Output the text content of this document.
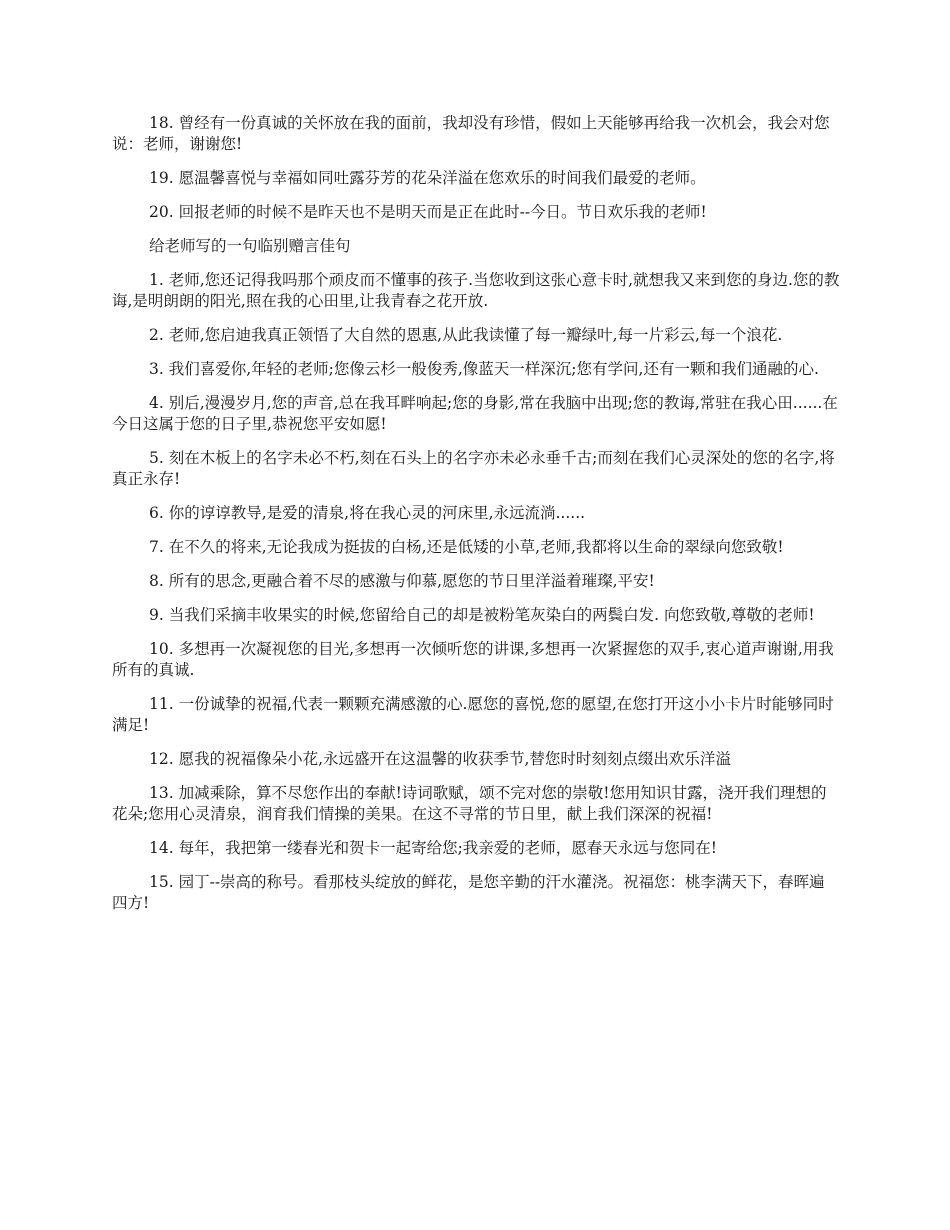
18. 曾经有一份真诚的关怀放在我的面前，我却没有珍惜，假如上天能够再给我一次机会，我会对您说：老师，谢谢您!

19. 愿温馨喜悦与幸福如同吐露芬芳的花朵洋溢在您欢乐的时间我们最爱的老师。

20. 回报老师的时候不是昨天也不是明天而是正在此时--今日。节日欢乐我的老师!

给老师写的一句临别赠言佳句

1. 老师,您还记得我吗那个顽皮而不懂事的孩子.当您收到这张心意卡时,就想我又来到您的身边.您的教诲,是明朗朗的阳光,照在我的心田里,让我青春之花开放.

2. 老师,您启迪我真正领悟了大自然的恩惠,从此我读懂了每一瓣绿叶,每一片彩云,每一个浪花.

3. 我们喜爱你,年轻的老师;您像云杉一般俊秀,像蓝天一样深沉;您有学问,还有一颗和我们通融的心.

4. 别后,漫漫岁月,您的声音,总在我耳畔响起;您的身影,常在我脑中出现;您的教诲,常驻在我心田......在今日这属于您的日子里,恭祝您平安如愿!

5. 刻在木板上的名字未必不朽,刻在石头上的名字亦未必永垂千古;而刻在我们心灵深处的您的名字,将真正永存!

6. 你的谆谆教导,是爱的清泉,将在我心灵的河床里,永远流淌......

7. 在不久的将来,无论我成为挺拔的白杨,还是低矮的小草,老师,我都将以生命的翠绿向您致敬!

8. 所有的思念,更融合着不尽的感激与仰慕,愿您的节日里洋溢着璀璨,平安!

9. 当我们采摘丰收果实的时候,您留给自己的却是被粉笔灰染白的两鬓白发. 向您致敬,尊敬的老师!

10. 多想再一次凝视您的目光,多想再一次倾听您的讲课,多想再一次紧握您的双手,衷心道声谢谢,用我所有的真诚.

11. 一份诚挚的祝福,代表一颗颗充满感激的心.愿您的喜悦,您的愿望,在您打开这小小卡片时能够同时满足!

12. 愿我的祝福像朵小花,永远盛开在这温馨的收获季节,替您时时刻刻点缀出欢乐洋溢

13. 加减乘除，算不尽您作出的奉献!诗词歌赋，颂不完对您的崇敬!您用知识甘露，浇开我们理想的花朵;您用心灵清泉，润育我们情操的美果。在这不寻常的节日里，献上我们深深的祝福!

14. 每年，我把第一缕春光和贺卡一起寄给您;我亲爱的老师，愿春天永远与您同在!

15. 园丁--崇高的称号。看那枝头绽放的鲜花，是您辛勤的汗水灌浇。祝福您：桃李满天下，春晖遍四方!
